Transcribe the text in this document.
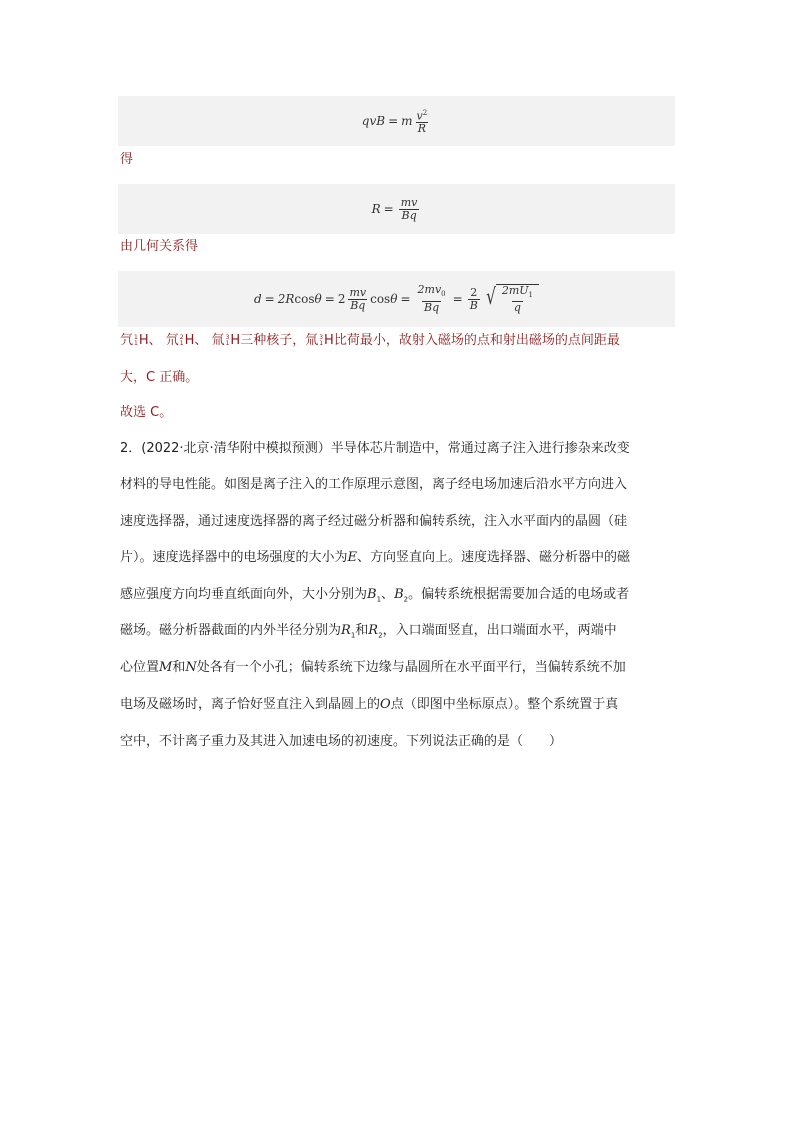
qvB = m $\frac{v^2}{R}$
得
$R = \frac{mv}{Bq}$
由几何关系得
d = 2R $\cos \theta = 2 \frac{mv}{Bq}$ $\cos \theta = \frac{2mv_0}{Bq} = \frac{2}{B}$ √ $\frac{2mU_1}{q}$
氕 1
1 H、 氘 2
1 H、 氚 3
1 H三种核子，氚 3
1 H比荷最小，故射入磁场的点和射出磁场的点间距最
大，C 正确。
故选 C。
2．(2022·北京·清华附中模拟预测）半导体芯片制造中，常通过离子注入进行掺杂来改变
材料的导电性能。如图是离子注入的工作原理示意图，离子经电场加速后沿水平方向进入
速度选择器，通过速度选择器的离子经过磁分析器和偏转系统，注入水平面内的晶圆（硅
片）。速度选择器中的电场强度的大小为E、方向竖直向上。速度选择器、磁分析器中的磁
感应强度方向均垂直纸面向外，大小分别为$B_1$、$B_2$。偏转系统根据需要加合适的电场或者
磁场。磁分析器截面的内外半径分别为$R_1$和$R_2$，入口端面竖直，出口端面水平，两端中
心位置M和N处各有一个小孔；偏转系统下边缘与晶圆所在水平面平行，当偏转系统不加
电场及磁场时，离子恰好竖直注入到晶圆上的O点（即图中坐标原点）。整个系统置于真
空中，不计离子重力及其进入加速电场的初速度。下列说法正确的是（　　）
